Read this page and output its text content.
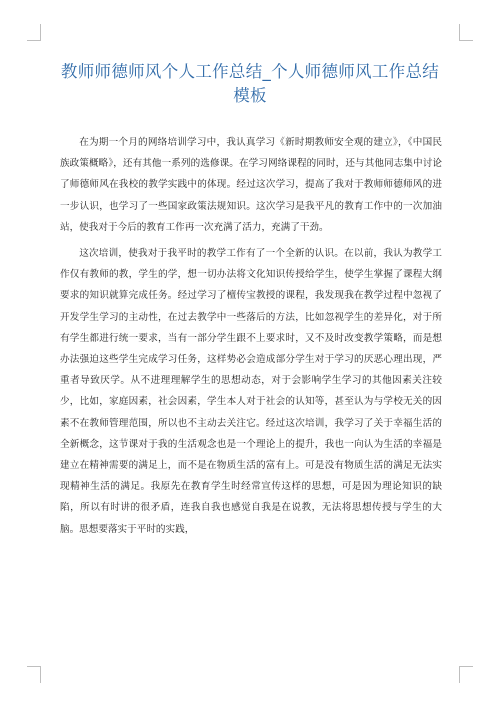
教师师德师风个人工作总结_个人师德师风工作总结 模板

在为期一个月的网络培训学习中，我认真学习《新时期教师安全观的建立》，《中国民族政策概略》，还有其他一系列的选修课。在学习网络课程的同时，还与其他同志集中讨论了师德师风在我校的教学实践中的体现。经过这次学习，提高了我对于教师师德师风的进一步认识，也学习了一些国家政策法规知识。这次学习是我平凡的教育工作中的一次加油站，使我对于今后的教育工作再一次充满了活力，充满了干劲。

这次培训，使我对于我平时的教学工作有了一个全新的认识。在以前，我认为教学工作仅有教师的教，学生的学，想一切办法将文化知识传授给学生，使学生掌握了课程大纲要求的知识就算完成任务。经过学习了檀传宝教授的课程，我发现我在教学过程中忽视了开发学生学习的主动性，在过去教学中一些落后的方法，比如忽视学生的差异化，对于所有学生都进行统一要求，当有一部分学生跟不上要求时，又不及时改变教学策略，而是想办法强迫这些学生完成学习任务，这样势必会造成部分学生对于学习的厌恶心理出现，严重者导致厌学。从不进理理解学生的思想动态，对于会影响学生学习的其他因素关注较少，比如，家庭因素，社会因素，学生本人对于社会的认知等，甚至认为与学校无关的因素不在教师管理范围，所以也不主动去关注它。经过这次培训，我学习了关于幸福生活的全新概念，这节课对于我的生活观念也是一个理论上的提升，我也一向认为生活的幸福是建立在精神需要的满足上，而不是在物质生活的富有上。可是没有物质生活的满足无法实现精神生活的满足。我原先在教育学生时经常宣传这样的思想，可是因为理论知识的缺陷，所以有时讲的很矛盾，连我自我也感觉自我是在说教，无法将思想传授与学生的大脑。思想要落实于平时的实践，
